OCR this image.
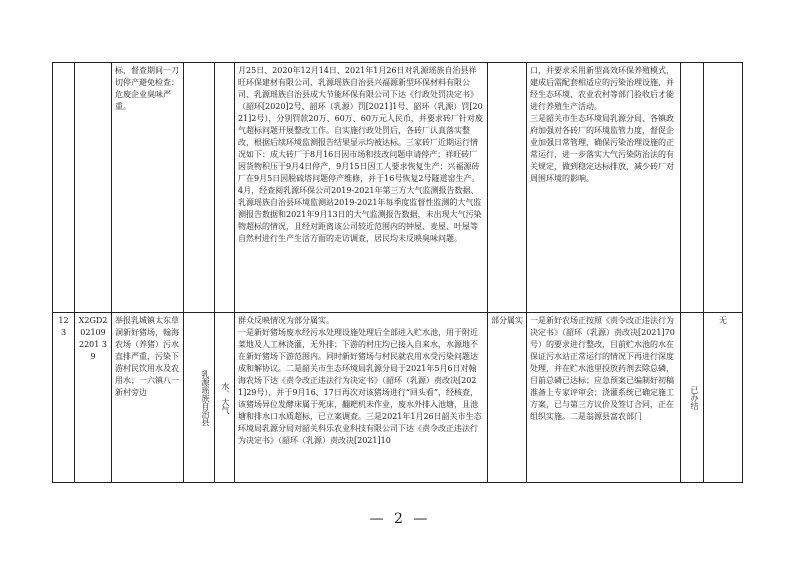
		标，督查期间一刀切停产避免检查：危废企业臭味严重。			月25日、2020年12月14日、2021年1月26日对乳源瑶族自治县祥旺环保建材有限公司、乳源瑶族自治县兴福源新型环保材料有限公司、乳源瑶族自治县成大节能环保有限公司下达《行政处罚决定书》（韶环[2020]2号、韶环（乳源）罚[2021]1号、韶环（乳源）罚[2021]2号），分别罚款20万、60万、60万元人民币，并要求砖厂针对废气超标问题开展整改工作。自实施行政处罚后，各砖厂认真落实整改，根据后续环境监测报告结果显示均被达标。三家砖厂近期运行情况如下：成大砖厂于8月16日因市场和技改问题申请停产；祥旺砖厂因货物积压于9月4日停产，9月15日因工人要求恢复生产；兴福源砖厂在9月5日因脱硫塔问题停产维修，并于16号恢复2号隧道窑生产。4月，经查阅乳源环保公司2019-2021年第三方大气监测报告数据、乳源瑶族自治县环境监测站2019-2021年每季度监督性监测的大气监测报告数据和2021年9月13日的大气监测报告数据，未出现大气污染物超标的情况，且经对距离该公司较近范围内的钟屋、麦屋、叶屋等自然村进行生产生活方面的走访调查，居民均未反映臭味问题。		口，并要求采用新型高效环保养殖模式，建成后需配套相适应的污染治理设施，并经生态环境、农业农村等部门验收后才能进行养殖生产活动。
三是韶关市生态环境局乳源分局、各镇政府加强对各砖厂的环境监管力度，督促企业加强日常管理，确保污染治理设施的正常运行，进一步落实大气污染防治法的有关规定，做到稳定达标排放，减少砖厂对周围环境的影响。		
123	X2GD2021092201 39	举报乳城镇太东草洞新好猪场，翰海农场（养猪）污水直排严重，污染下游村民饮用水及农用水；一六镇八一新村旁边	乳源瑶族自治县	水、大气	群众反映情况为部分属实。
一是新好猪场废水经污水处理设施处理后全部进入贮水池，用于附近菜地及人工林浇灌，无外排；下游的村庄均已接入自来水，水源地不在新好猪场下游范围内。同时新好猪场与村民就农用水受污染问题达成和解协议。二是韶关市生态环境局乳源分局于2021年5月6日对翰海农场下达《责令改正违法行为决定书》（韶环（乳源）责改决[2021]29号），并于9月16、17日再次对该猪场进行“回头看”，经核查，该猪场异位发酵床属于死床，翻耙机未作业，废水外排入池塘，且池塘和排水口水质超标，已立案调查。三是2021年1月26日韶关市生态环境局乳源分局对韶关科乐农业科技有限公司下达《责令改正违法行为决定书》（韶环（乳源）责改决[2021]10	部分属实	一是新好农场正按照《责令改正违法行为决定书》（韶环（乳源）责改决[2021]70号）的要求进行整改，目前贮水池的水在保证污水站正常运行的情况下再进行深度处理，并在贮水池里投放药剂去除总磷，目前总磷已达标；应急预案已编制好初稿准备上专家评审会；浇灌系统已确定施工方案，已与第三方议价及签订合同，正在组织实施。二是翁源县富农部门	已办结	无
— 2 —
